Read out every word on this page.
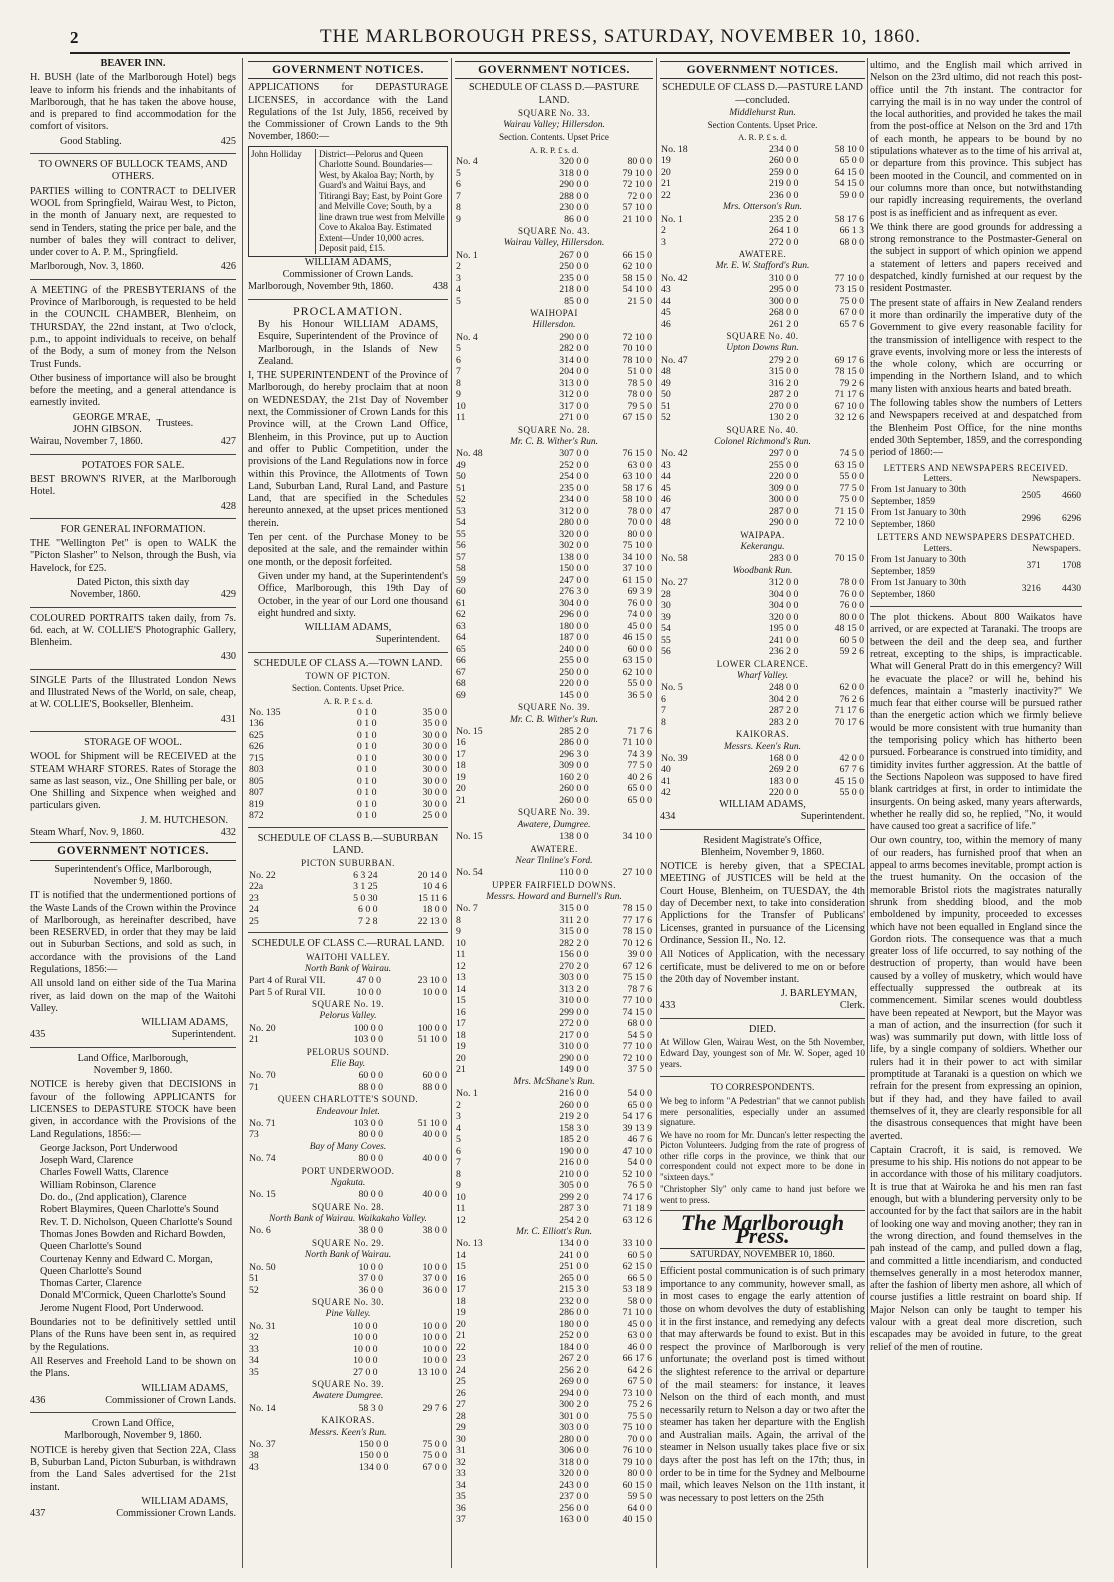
2	THE MARLBOROUGH PRESS, SATURDAY, NOVEMBER 10, 1860.
BEAVER INN.
H. BUSH (late of the Marlborough Hotel) begs leave to inform his friends and the inhabitants of Marlborough, that he has taken the above house, and is prepared to find accommodation for the comfort of visitors.
Good Stabling.	425
TO OWNERS OF BULLOCK TEAMS, AND OTHERS.
PARTIES willing to CONTRACT to DELIVER WOOL from Springfield, Wairau West, to Picton, in the month of January next, are requested to send in Tenders, stating the price per bale, and the number of bales they will contract to deliver, under cover to A. P. M., Springfield.
Marlborough, Nov. 3, 1860.	426
A MEETING of the PRESBYTERIANS of the Province of Marlborough, is requested to be held in the COUNCIL CHAMBER, Blenheim, on THURSDAY, the 22nd instant, at Two o'clock, p.m., to appoint individuals to receive, on behalf of the Body, a sum of money from the Nelson Trust Funds.
Other business of importance will also be brought before the meeting, and a general attendance is earnestly invited.
GEORGE M'RAE,
JOHN GIBSON.
Trustees.
Wairau, November 7, 1860.	427
POTATOES FOR SALE.
BEST BROWN'S RIVER, at the Marlborough Hotel.
428
FOR GENERAL INFORMATION.
THE "Wellington Pet" is open to WALK the "Picton Slasher" to Nelson, through the Bush, via Havelock, for £25.
Dated Picton, this sixth day
November, 1860.	429
COLOURED PORTRAITS taken daily, from 7s. 6d. each, at W. COLLIE'S Photographic Gallery, Blenheim.
430
SINGLE Parts of the Illustrated London News and Illustrated News of the World, on sale, cheap, at W. COLLIE'S, Bookseller, Blenheim.
431
STORAGE OF WOOL.
WOOL for Shipment will be RECEIVED at the STEAM WHARF STORES. Rates of Storage the same as last season, viz., One Shilling per bale, or One Shilling and Sixpence when weighed and particulars given.
J. M. HUTCHESON.
Steam Wharf, Nov. 9, 1860.	432
GOVERNMENT NOTICES.
Superintendent's Office, Marlborough,
November 9, 1860.
IT is notified that the undermentioned portions of the Waste Lands of the Crown within the Province of Marlborough, as hereinafter described, have been RESERVED, in order that they may be laid out in Suburban Sections, and sold as such, in accordance with the provisions of the Land Regulations, 1856:—
All unsold land on either side of the Tua Marina river, as laid down on the map of the Waitohi Valley.
WILLIAM ADAMS,
435	Superintendent.
Land Office, Marlborough,
November 9, 1860.
NOTICE is hereby given that DECISIONS in favour of the following APPLICANTS for LICENSES to DEPASTURE STOCK have been given, in accordance with the Provisions of the Land Regulations, 1856:—
George Jackson, Port Underwood
Joseph Ward, Clarence
Charles Fowell Watts, Clarence
William Robinson, Clarence
Do. do., (2nd application), Clarence
Robert Blaymires, Queen Charlotte's Sound
Rev. T. D. Nicholson, Queen Charlotte's Sound
Thomas Jones Bowden and Richard Bowden, Queen Charlotte's Sound
Courtenay Kenny and Edward C. Morgan, Queen Charlotte's Sound
Thomas Carter, Clarence
Donald M'Cormick, Queen Charlotte's Sound
Jerome Nugent Flood, Port Underwood.
Boundaries not to be definitively settled until Plans of the Runs have been sent in, as required by the Regulations.
All Reserves and Freehold Land to be shown on the Plans.
WILLIAM ADAMS,
436	Commissioner of Crown Lands.
Crown Land Office,
Marlborough, November 9, 1860.
NOTICE is hereby given that Section 22A, Class B, Suburban Land, Picton Suburban, is withdrawn from the Land Sales advertised for the 21st instant.
WILLIAM ADAMS,
437	Commissioner Crown Lands.
GOVERNMENT NOTICES.
APPLICATIONS for DEPASTURAGE LICENSES, in accordance with the Land Regulations of the 1st July, 1856, received by the Commissioner of Crown Lands to the 9th November, 1860:—
John Holliday	District—Pelorus and Queen Charlotte Sound. Boundaries—West, by Akaloa Bay; North, by Guard's and Waitui Bays, and Titirangi Bay; East, by Point Gore and Melville Cove; South, by a line drawn true west from Melville Cove to Akaloa Bay. Estimated Extent—Under 10,000 acres. Deposit paid, £15.
WILLIAM ADAMS,
Commissioner of Crown Lands.
Marlborough, November 9th, 1860.	438
PROCLAMATION.
By his Honour WILLIAM ADAMS, Esquire, Superintendent of the Province of Marlborough, in the Islands of New Zealand.
I, THE SUPERINTENDENT of the Province of Marlborough, do hereby proclaim that at noon on WEDNESDAY, the 21st Day of November next, the Commissioner of Crown Lands for this Province will, at the Crown Land Office, Blenheim, in this Province, put up to Auction and offer to Public Competition, under the provisions of the Land Regulations now in force within this Province, the Allotments of Town Land, Suburban Land, Rural Land, and Pasture Land, that are specified in the Schedules hereunto annexed, at the upset prices mentioned therein.
Ten per cent. of the Purchase Money to be deposited at the sale, and the remainder within one month, or the deposit forfeited.
Given under my hand, at the Superintendent's Office, Marlborough, this 19th Day of October, in the year of our Lord one thousand eight hundred and sixty.
WILLIAM ADAMS,
Superintendent.
SCHEDULE OF CLASS A.—TOWN LAND.
TOWN OF PICTON.
Section. Contents. Upset Price.
A. R. P. £ s. d.
No. 135	0 1 0	35 0 0
136	0 1 0	35 0 0
625	0 1 0	30 0 0
626	0 1 0	30 0 0
715	0 1 0	30 0 0
803	0 1 0	30 0 0
805	0 1 0	30 0 0
807	0 1 0	30 0 0
819	0 1 0	30 0 0
872	0 1 0	25 0 0
SCHEDULE OF CLASS B.—SUBURBAN LAND.
PICTON SUBURBAN.
No. 22	6 3 24	20 14 0
22a	3 1 25	10 4 6
23	5 0 30	15 11 6
24	6 0 0	18 0 0
25	7 2 8	22 13 0
SCHEDULE OF CLASS C.—RURAL LAND.
WAITOHI VALLEY.
North Bank of Wairau.
Part 4 of Rural VII.	47 0 0	23 10 0
Part 5 of Rural VII.	10 0 0	10 0 0
SQUARE No. 19.
Pelorus Valley.
No. 20	100 0 0	100 0 0
21	103 0 0	51 10 0
PELORUS SOUND.
Elie Bay.
No. 70	60 0 0	60 0 0
71	88 0 0	88 0 0
QUEEN CHARLOTTE'S SOUND.
Endeavour Inlet.
No. 71	103 0 0	51 10 0
73	80 0 0	40 0 0
Bay of Many Coves.
No. 74	80 0 0	40 0 0
PORT UNDERWOOD.
Ngakuta.
No. 15	80 0 0	40 0 0
SQUARE No. 28.
North Bank of Wairau. Waikakaho Valley.
No. 6	38 0 0	38 0 0
SQUARE No. 29.
North Bank of Wairau.
No. 50	10 0 0	10 0 0
51	37 0 0	37 0 0
52	36 0 0	36 0 0
SQUARE No. 30.
Pine Valley.
No. 31	10 0 0	10 0 0
32	10 0 0	10 0 0
33	10 0 0	10 0 0
34	10 0 0	10 0 0
35	27 0 0	13 10 0
SQUARE No. 39.
Awatere Dumgree.
No. 14	58 3 0	29 7 6
KAIKORAS.
Messrs. Keen's Run.
No. 37	150 0 0	75 0 0
38	150 0 0	75 0 0
43	134 0 0	67 0 0
GOVERNMENT NOTICES.
SCHEDULE OF CLASS D.—PASTURE LAND.
SQUARE No. 33.
Wairau Valley; Hillersdon.
Section. Contents. Upset Price
A. R. P. £ s. d.
No. 4	320 0 0	80 0 0
5	318 0 0	79 10 0
6	290 0 0	72 10 0
7	288 0 0	72 0 0
8	230 0 0	57 10 0
9	86 0 0	21 10 0
SQUARE No. 43.
Wairau Valley, Hillersdon.
No. 1	267 0 0	66 15 0
2	250 0 0	62 10 0
3	235 0 0	58 15 0
4	218 0 0	54 10 0
5	85 0 0	21 5 0
WAIHOPAI
Hillersdon.
No. 4	290 0 0	72 10 0
5	282 0 0	70 10 0
6	314 0 0	78 10 0
7	204 0 0	51 0 0
8	313 0 0	78 5 0
9	312 0 0	78 0 0
10	317 0 0	79 5 0
11	271 0 0	67 15 0
SQUARE No. 28.
Mr. C. B. Wither's Run.
No. 48	307 0 0	76 15 0
49	252 0 0	63 0 0
50	254 0 0	63 10 0
51	235 0 0	58 17 6
52	234 0 0	58 10 0
53	312 0 0	78 0 0
54	280 0 0	70 0 0
55	320 0 0	80 0 0
56	302 0 0	75 10 0
57	138 0 0	34 10 0
58	150 0 0	37 10 0
59	247 0 0	61 15 0
60	276 3 0	69 3 9
61	304 0 0	76 0 0
62	296 0 0	74 0 0
63	180 0 0	45 0 0
64	187 0 0	46 15 0
65	240 0 0	60 0 0
66	255 0 0	63 15 0
67	250 0 0	62 10 0
68	220 0 0	55 0 0
69	145 0 0	36 5 0
SQUARE No. 39.
Mr. C. B. Wither's Run.
No. 15	285 2 0	71 7 6
16	286 0 0	71 10 0
17	296 3 0	74 3 9
18	309 0 0	77 5 0
19	160 2 0	40 2 6
20	260 0 0	65 0 0
21	260 0 0	65 0 0
SQUARE No. 39.
Awatere, Dumgree.
No. 15	138 0 0	34 10 0
AWATERE.
Near Tinline's Ford.
No. 54	110 0 0	27 10 0
UPPER FAIRFIELD DOWNS.
Messrs. Howard and Burnell's Run.
No. 7	315 0 0	78 15 0
8	311 2 0	77 17 6
9	315 0 0	78 15 0
10	282 2 0	70 12 6
11	156 0 0	39 0 0
12	270 2 0	67 12 6
13	303 0 0	75 15 0
14	313 2 0	78 7 6
15	310 0 0	77 10 0
16	299 0 0	74 15 0
17	272 0 0	68 0 0
18	217 0 0	54 5 0
19	310 0 0	77 10 0
20	290 0 0	72 10 0
21	149 0 0	37 5 0
Mrs. McShane's Run.
No. 1	216 0 0	54 0 0
2	260 0 0	65 0 0
3	219 2 0	54 17 6
4	158 3 0	39 13 9
5	185 2 0	46 7 6
6	190 0 0	47 10 0
7	216 0 0	54 0 0
8	210 0 0	52 10 0
9	305 0 0	76 5 0
10	299 2 0	74 17 6
11	287 3 0	71 18 9
12	254 2 0	63 12 6
Mr. C. Elliott's Run.
No. 13	134 0 0	33 10 0
14	241 0 0	60 5 0
15	251 0 0	62 15 0
16	265 0 0	66 5 0
17	215 3 0	53 18 9
18	232 0 0	58 0 0
19	286 0 0	71 10 0
20	180 0 0	45 0 0
21	252 0 0	63 0 0
22	184 0 0	46 0 0
23	267 2 0	66 17 6
24	256 2 0	64 2 6
25	269 0 0	67 5 0
26	294 0 0	73 10 0
27	300 2 0	75 2 6
28	301 0 0	75 5 0
29	303 0 0	75 10 0
30	280 0 0	70 0 0
31	306 0 0	76 10 0
32	318 0 0	79 10 0
33	320 0 0	80 0 0
34	243 0 0	60 15 0
35	237 0 0	59 5 0
36	256 0 0	64 0 0
37	163 0 0	40 15 0
GOVERNMENT NOTICES.
SCHEDULE OF CLASS D.—PASTURE LAND—concluded.
Middlehurst Run.
Section Contents. Upset Price.
A. R. P. £ s. d.
No. 18	234 0 0	58 10 0
19	260 0 0	65 0 0
20	259 0 0	64 15 0
21	219 0 0	54 15 0
22	236 0 0	59 0 0
Mrs. Otterson's Run.
No. 1	235 2 0	58 17 6
2	264 1 0	66 1 3
3	272 0 0	68 0 0
AWATERE.
Mr. E. W. Stafford's Run.
No. 42	310 0 0	77 10 0
43	295 0 0	73 15 0
44	300 0 0	75 0 0
45	268 0 0	67 0 0
46	261 2 0	65 7 6
SQUARE No. 40.
Upton Downs Run.
No. 47	279 2 0	69 17 6
48	315 0 0	78 15 0
49	316 2 0	79 2 6
50	287 2 0	71 17 6
51	270 0 0	67 10 0
52	130 2 0	32 12 6
SQUARE No. 40.
Colonel Richmond's Run.
No. 42	297 0 0	74 5 0
43	255 0 0	63 15 0
44	220 0 0	55 0 0
45	309 0 0	77 5 0
46	300 0 0	75 0 0
47	287 0 0	71 15 0
48	290 0 0	72 10 0
WAIPAPA.
Kekerangu.
No. 58	283 0 0	70 15 0
Woodbank Run.
No. 27	312 0 0	78 0 0
28	304 0 0	76 0 0
30	304 0 0	76 0 0
39	320 0 0	80 0 0
54	195 0 0	48 15 0
55	241 0 0	60 5 0
56	236 2 0	59 2 6
LOWER CLARENCE.
Wharf Valley.
No. 5	248 0 0	62 0 0
6	304 2 0	76 2 6
7	287 2 0	71 17 6
8	283 2 0	70 17 6
KAIKORAS.
Messrs. Keen's Run.
No. 39	168 0 0	42 0 0
40	269 2 0	67 7 6
41	183 0 0	45 15 0
42	220 0 0	55 0 0
WILLIAM ADAMS,
434	Superintendent.
Resident Magistrate's Office,
Blenheim, November 9, 1860.
NOTICE is hereby given, that a SPECIAL MEETING of JUSTICES will be held at the Court House, Blenheim, on TUESDAY, the 4th day of December next, to take into consideration Applictions for the Transfer of Publicans' Licenses, granted in pursuance of the Licensing Ordinance, Session II., No. 12.
All Notices of Application, with the necessary certificate, must be delivered to me on or before the 20th day of November instant.
J. BARLEYMAN,
433	Clerk.
DIED.
At Willow Glen, Wairau West, on the 5th November, Edward Day, youngest son of Mr. W. Soper, aged 10 years.
TO CORRESPONDENTS.
We beg to inform "A Pedestrian" that we cannot publish mere personalities, especially under an assumed signature.
We have no room for Mr. Duncan's letter respecting the Picton Volunteers. Judging from the rate of progress of other rifle corps in the province, we think that our correspondent could not expect more to be done in "sixteen days."
"Christopher Sly" only came to hand just before we went to press.
The Marlborough Press.
SATURDAY, NOVEMBER 10, 1860.
Efficient postal communication is of such primary importance to any community, however small, as in most cases to engage the early attention of those on whom devolves the duty of establishing it in the first instance, and remedying any defects that may afterwards be found to exist. But in this respect the province of Marlborough is very unfortunate; the overland post is timed without the slightest reference to the arrival or departure of the mail steamers: for instance, it leaves Nelson on the third of each month, and must necessarily return to Nelson a day or two after the steamer has taken her departure with the English and Australian mails. Again, the arrival of the steamer in Nelson usually takes place five or six days after the post has left on the 17th; thus, in order to be in time for the Sydney and Melbourne mail, which leaves Nelson on the 11th instant, it was necessary to post letters on the 25th
ultimo, and the English mail which arrived in Nelson on the 23rd ultimo, did not reach this post-office until the 7th instant. The contractor for carrying the mail is in no way under the control of the local authorities, and provided he takes the mail from the post-office at Nelson on the 3rd and 17th of each month, he appears to be bound by no stipulations whatever as to the time of his arrival at, or departure from this province. This subject has been mooted in the Council, and commented on in our columns more than once, but notwithstanding our rapidly increasing requirements, the overland post is as inefficient and as infrequent as ever.
We think there are good grounds for addressing a strong remonstrance to the Postmaster-General on the subject in support of which opinion we append a statement of letters and papers received and despatched, kindly furnished at our request by the resident Postmaster.
The present state of affairs in New Zealand renders it more than ordinarily the imperative duty of the Government to give every reasonable facility for the transmission of intelligence with respect to the grave events, involving more or less the interests of the whole colony, which are occurring or impending in the Northern Island, and to which many listen with anxious hearts and bated breath.
The following tables show the numbers of Letters and Newspapers received at and despatched from the Blenheim Post Office, for the nine months ended 30th September, 1859, and the corresponding period of 1860:—
LETTERS AND NEWSPAPERS RECEIVED.
	Letters.	Newspapers.
From 1st January to 30th September, 1859	2505	4660
From 1st January to 30th September, 1860	2996	6296
LETTERS AND NEWSPAPERS DESPATCHED.
	Letters.	Newspapers.
From 1st January to 30th September, 1859	371	1708
From 1st January to 30th September, 1860	3216	4430
The plot thickens. About 800 Waikatos have arrived, or are expected at Taranaki. The troops are between the deil and the deep sea, and further retreat, excepting to the ships, is impracticable. What will General Pratt do in this emergency? Will he evacuate the place? or will he, behind his defences, maintain a "masterly inactivity?" We much fear that either course will be pursued rather than the energetic action which we firmly believe would be more consistent with true humanity than the temporising policy which has hitherto been pursued. Forbearance is construed into timidity, and timidity invites further aggression. At the battle of the Sections Napoleon was supposed to have fired blank cartridges at first, in order to intimidate the insurgents. On being asked, many years afterwards, whether he really did so, he replied, "No, it would have caused too great a sacrifice of life."
Our own country, too, within the memory of many of our readers, has furnished proof that when an appeal to arms becomes inevitable, prompt action is the truest humanity. On the occasion of the memorable Bristol riots the magistrates naturally shrunk from shedding blood, and the mob emboldened by impunity, proceeded to excesses which have not been equalled in England since the Gordon riots. The consequence was that a much greater loss of life occurred, to say nothing of the destruction of property, than would have been caused by a volley of musketry, which would have effectually suppressed the outbreak at its commencement. Similar scenes would doubtless have been repeated at Newport, but the Mayor was a man of action, and the insurrection (for such it was) was summarily put down, with little loss of life, by a single company of soldiers. Whether our rulers had it in their power to act with similar promptitude at Taranaki is a question on which we refrain for the present from expressing an opinion, but if they had, and they have failed to avail themselves of it, they are clearly responsible for all the disastrous consequences that might have been averted.
Captain Cracroft, it is said, is removed. We presume to his ship. His notions do not appear to be in accordance with those of his military coadjutors. It is true that at Wairoka he and his men ran fast enough, but with a blundering perversity only to be accounted for by the fact that sailors are in the habit of looking one way and moving another; they ran in the wrong direction, and found themselves in the pah instead of the camp, and pulled down a flag, and committed a little incendiarism, and conducted themselves generally in a most heterodox manner, after the fashion of liberty men ashore, all which of course justifies a little restraint on board ship. If Major Nelson can only be taught to temper his valour with a great deal more discretion, such escapades may be avoided in future, to the great relief of the men of routine.
